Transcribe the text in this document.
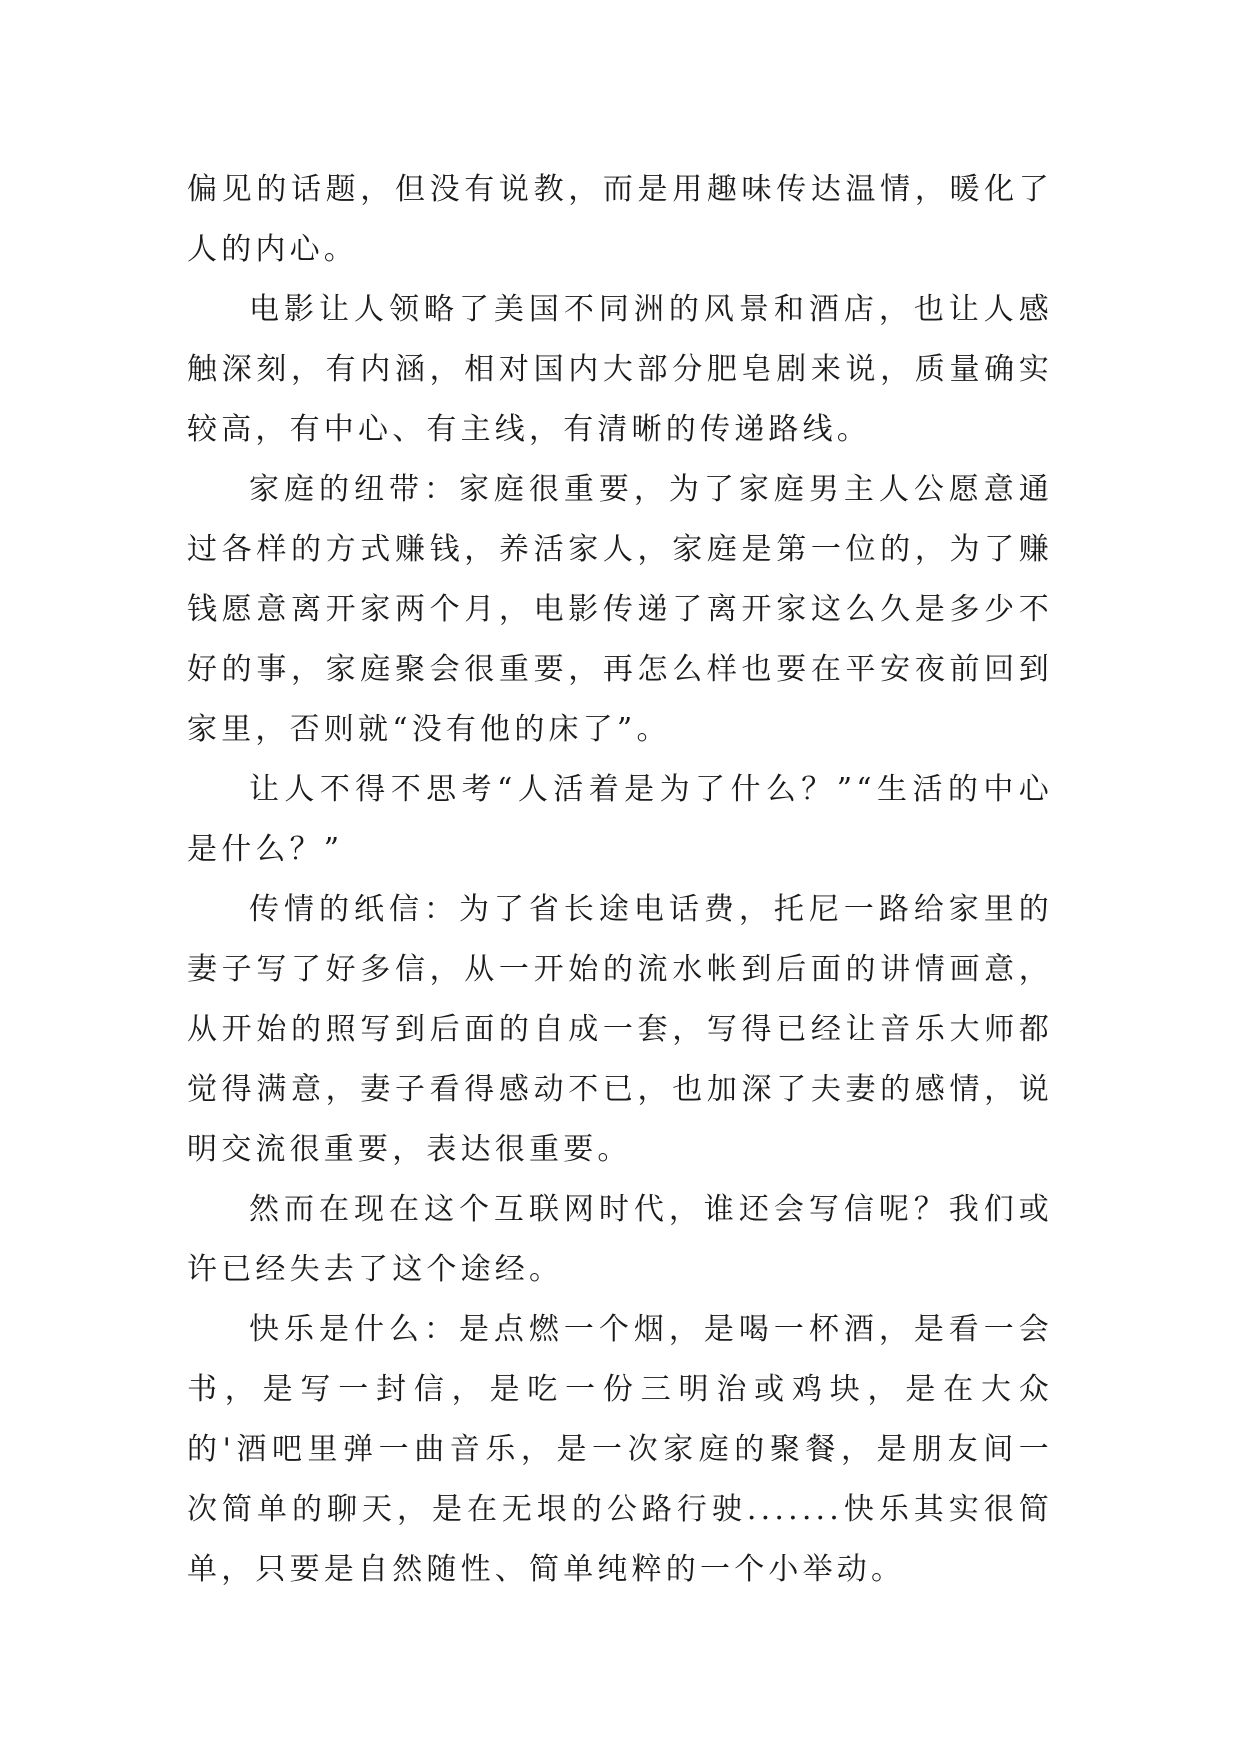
偏见的话题，但没有说教，而是用趣味传达温情，暖化了人的内心。

电影让人领略了美国不同洲的风景和酒店，也让人感触深刻，有内涵，相对国内大部分肥皂剧来说，质量确实较高，有中心、有主线，有清晰的传递路线。

家庭的纽带：家庭很重要，为了家庭男主人公愿意通过各样的方式赚钱，养活家人，家庭是第一位的，为了赚钱愿意离开家两个月，电影传递了离开家这么久是多少不好的事，家庭聚会很重要，再怎么样也要在平安夜前回到家里，否则就“没有他的床了”。

让人不得不思考“人活着是为了什么？”“生活的中心是什么？”

传情的纸信：为了省长途电话费，托尼一路给家里的妻子写了好多信，从一开始的流水帐到后面的讲情画意，从开始的照写到后面的自成一套，写得已经让音乐大师都觉得满意，妻子看得感动不已，也加深了夫妻的感情，说明交流很重要，表达很重要。

然而在现在这个互联网时代，谁还会写信呢？我们或许已经失去了这个途经。

快乐是什么：是点燃一个烟，是喝一杯酒，是看一会书，是写一封信，是吃一份三明治或鸡块，是在大众的'酒吧里弹一曲音乐，是一次家庭的聚餐，是朋友间一次简单的聊天，是在无垠的公路行驶.......快乐其实很简单，只要是自然随性、简单纯粹的一个小举动。
